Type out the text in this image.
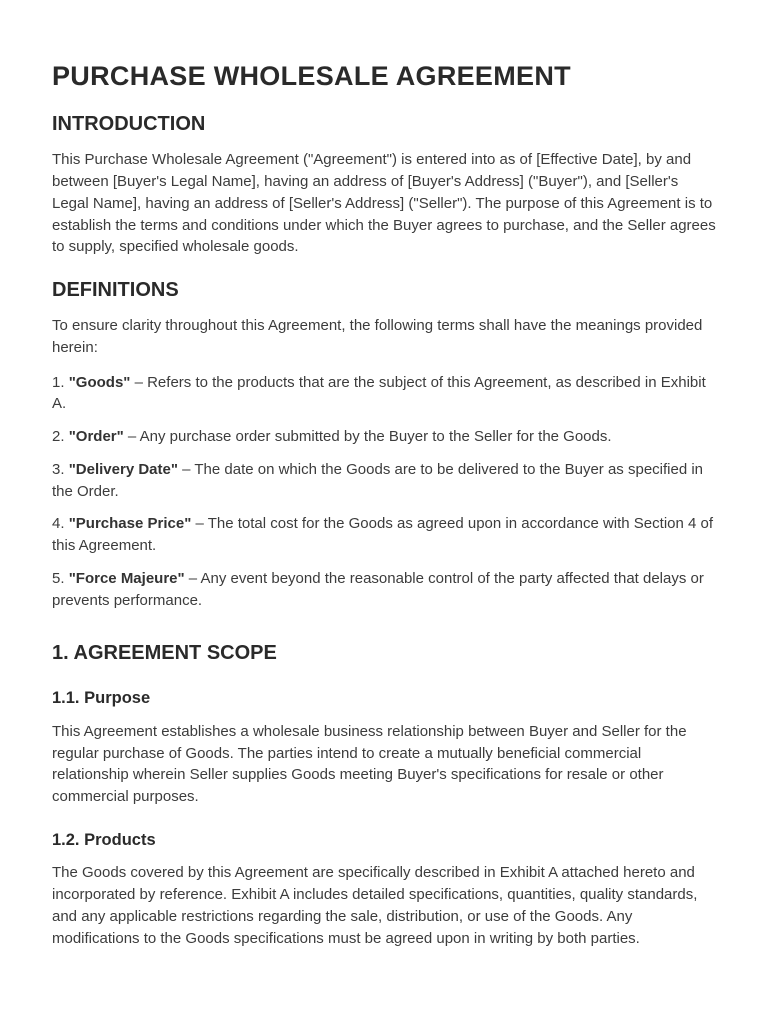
PURCHASE WHOLESALE AGREEMENT
INTRODUCTION

This Purchase Wholesale Agreement ("Agreement") is entered into as of [Effective Date], by and between [Buyer's Legal Name], having an address of [Buyer's Address] ("Buyer"), and [Seller's Legal Name], having an address of [Seller's Address] ("Seller"). The purpose of this Agreement is to establish the terms and conditions under which the Buyer agrees to purchase, and the Seller agrees to supply, specified wholesale goods.

DEFINITIONS

To ensure clarity throughout this Agreement, the following terms shall have the meanings provided herein:

1. "Goods" – Refers to the products that are the subject of this Agreement, as described in Exhibit A.

2. "Order" – Any purchase order submitted by the Buyer to the Seller for the Goods.

3. "Delivery Date" – The date on which the Goods are to be delivered to the Buyer as specified in the Order.

4. "Purchase Price" – The total cost for the Goods as agreed upon in accordance with Section 4 of this Agreement.

5. "Force Majeure" – Any event beyond the reasonable control of the party affected that delays or prevents performance.

1. AGREEMENT SCOPE
1.1. Purpose

This Agreement establishes a wholesale business relationship between Buyer and Seller for the regular purchase of Goods. The parties intend to create a mutually beneficial commercial relationship wherein Seller supplies Goods meeting Buyer's specifications for resale or other commercial purposes.

1.2. Products

The Goods covered by this Agreement are specifically described in Exhibit A attached hereto and incorporated by reference. Exhibit A includes detailed specifications, quantities, quality standards, and any applicable restrictions regarding the sale, distribution, or use of the Goods. Any modifications to the Goods specifications must be agreed upon in writing by both parties.
